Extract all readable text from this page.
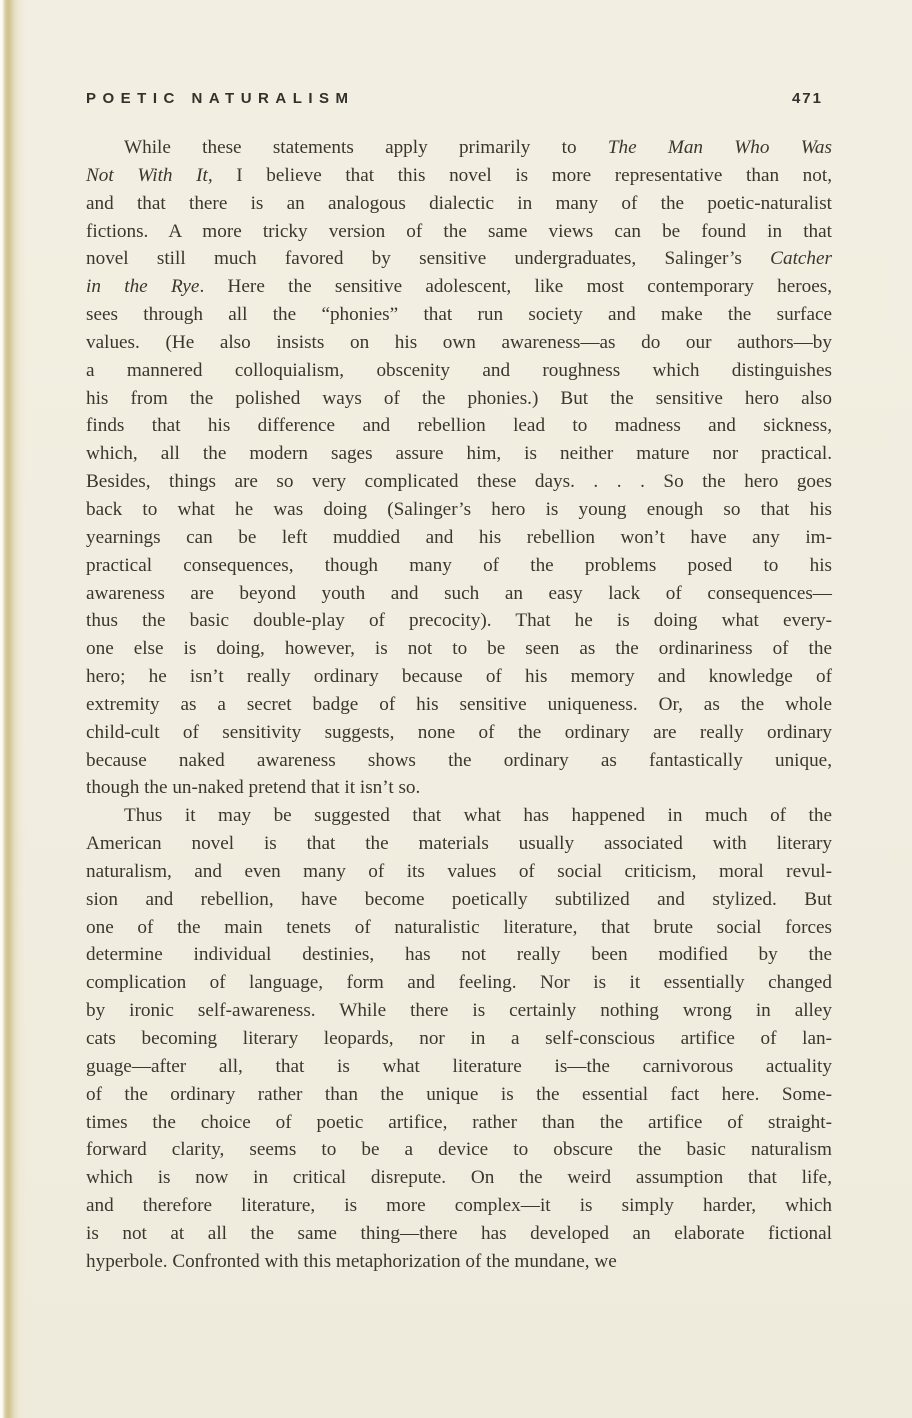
POETIC NATURALISM	471
While these statements apply primarily to The Man Who Was
Not With It, I believe that this novel is more representative than not,
and that there is an analogous dialectic in many of the poetic-naturalist
fictions. A more tricky version of the same views can be found in that
novel still much favored by sensitive undergraduates, Salinger’s Catcher
in the Rye. Here the sensitive adolescent, like most contemporary heroes,
sees through all the “phonies” that run society and make the surface
values. (He also insists on his own awareness—as do our authors—by
a mannered colloquialism, obscenity and roughness which distinguishes
his from the polished ways of the phonies.) But the sensitive hero also
finds that his difference and rebellion lead to madness and sickness,
which, all the modern sages assure him, is neither mature nor practical.
Besides, things are so very complicated these days. . . . So the hero goes
back to what he was doing (Salinger’s hero is young enough so that his
yearnings can be left muddied and his rebellion won’t have any im-
practical consequences, though many of the problems posed to his
awareness are beyond youth and such an easy lack of consequences—
thus the basic double-play of precocity). That he is doing what every-
one else is doing, however, is not to be seen as the ordinariness of the
hero; he isn’t really ordinary because of his memory and knowledge of
extremity as a secret badge of his sensitive uniqueness. Or, as the whole
child-cult of sensitivity suggests, none of the ordinary are really ordinary
because naked awareness shows the ordinary as fantastically unique,
though the un-naked pretend that it isn’t so.
Thus it may be suggested that what has happened in much of the
American novel is that the materials usually associated with literary
naturalism, and even many of its values of social criticism, moral revul-
sion and rebellion, have become poetically subtilized and stylized. But
one of the main tenets of naturalistic literature, that brute social forces
determine individual destinies, has not really been modified by the
complication of language, form and feeling. Nor is it essentially changed
by ironic self-awareness. While there is certainly nothing wrong in alley
cats becoming literary leopards, nor in a self-conscious artifice of lan-
guage—after all, that is what literature is—the carnivorous actuality
of the ordinary rather than the unique is the essential fact here. Some-
times the choice of poetic artifice, rather than the artifice of straight-
forward clarity, seems to be a device to obscure the basic naturalism
which is now in critical disrepute. On the weird assumption that life,
and therefore literature, is more complex—it is simply harder, which
is not at all the same thing—there has developed an elaborate fictional
hyperbole. Confronted with this metaphorization of the mundane, we
